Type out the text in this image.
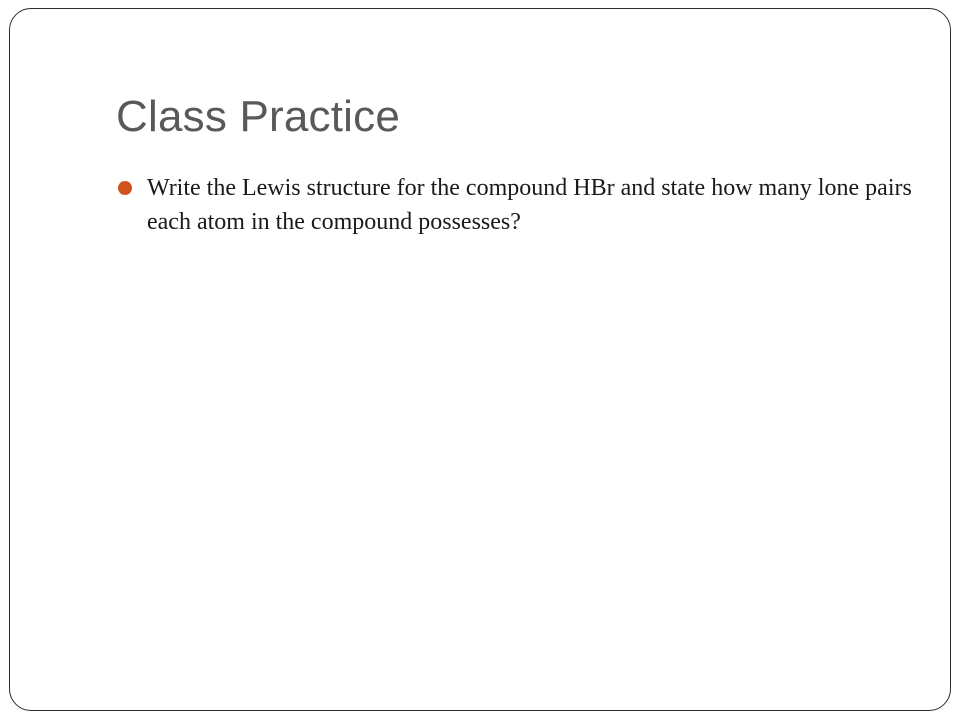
Class Practice
Write the Lewis structure for the compound HBr and state how many lone pairs each atom in the compound possesses?
